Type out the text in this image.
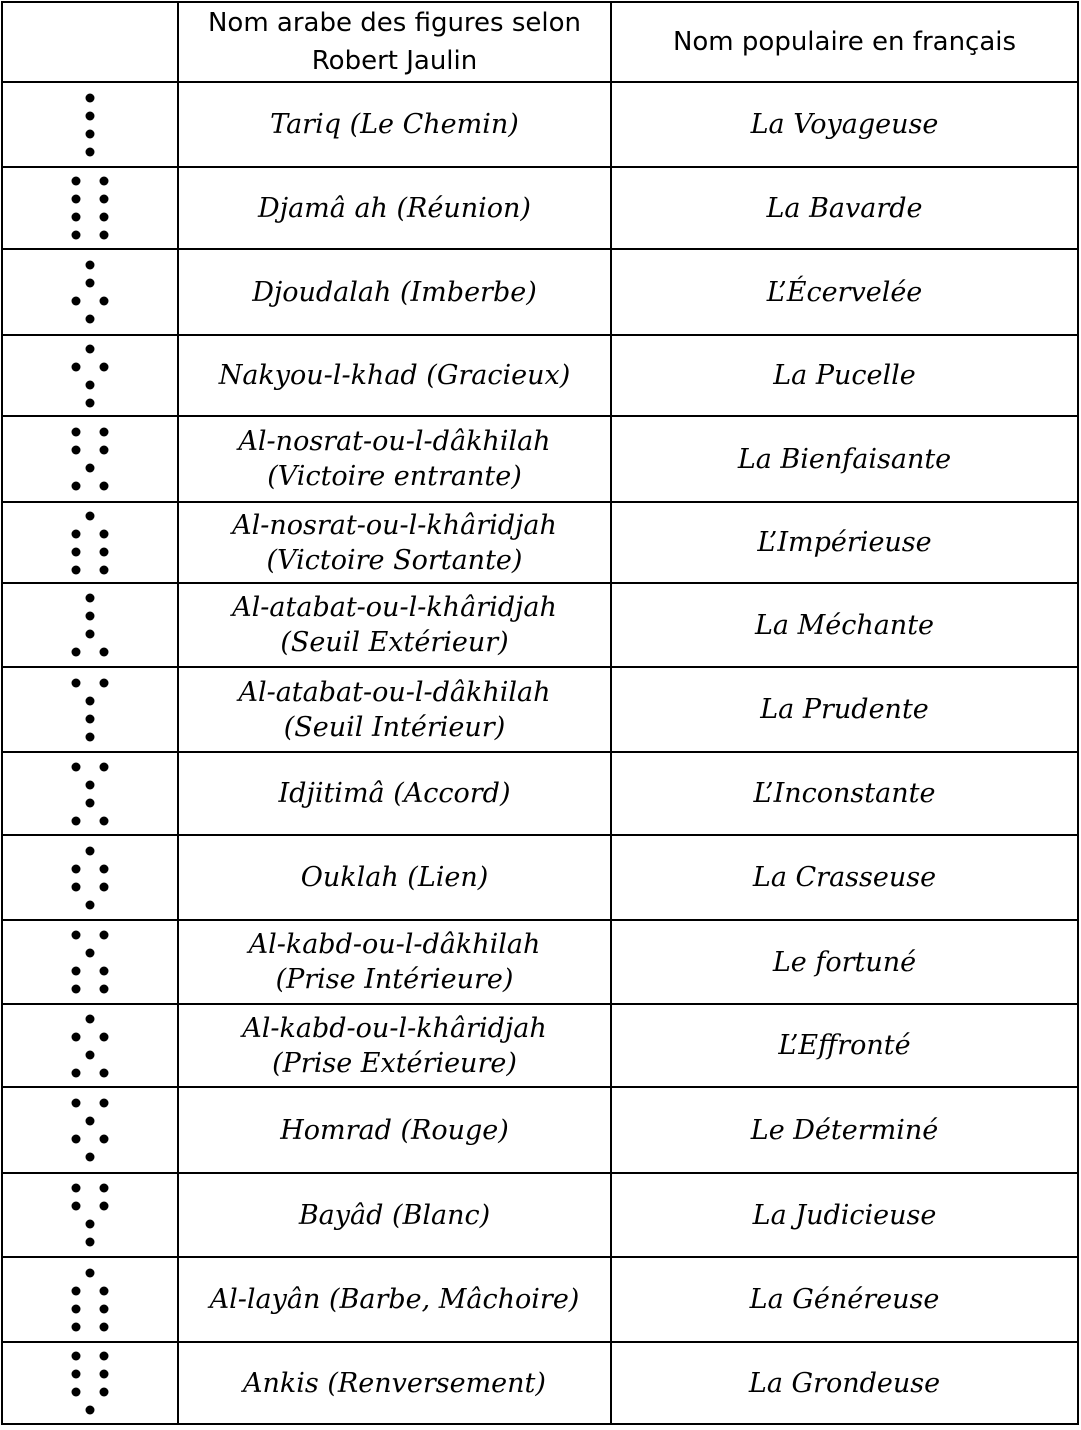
	Nom arabe des figures selon
Robert Jaulin	Nom populaire en français

Tariq (Le Chemin)	La Voyageuse

Djamâ ah (Réunion)	La Bavarde

Djoudalah (Imberbe)	L’Écervelée

Nakyou-l-khad (Gracieux)	La Pucelle

Al-nosrat-ou-l-dâkhilah
(Victoire entrante)	La Bienfaisante

Al-nosrat-ou-l-khâridjah
(Victoire Sortante)	L’Impérieuse

Al-atabat-ou-l-khâridjah
(Seuil Extérieur)	La Méchante

Al-atabat-ou-l-dâkhilah
(Seuil Intérieur)	La Prudente

Idjitimâ (Accord)	L’Inconstante

Ouklah (Lien)	La Crasseuse

Al-kabd-ou-l-dâkhilah
(Prise Intérieure)	Le fortuné

Al-kabd-ou-l-khâridjah
(Prise Extérieure)	L’Effronté

Homrad (Rouge)	Le Déterminé

Bayâd (Blanc)	La Judicieuse

Al-layân (Barbe, Mâchoire)	La Généreuse

Ankis (Renversement)	La Grondeuse
